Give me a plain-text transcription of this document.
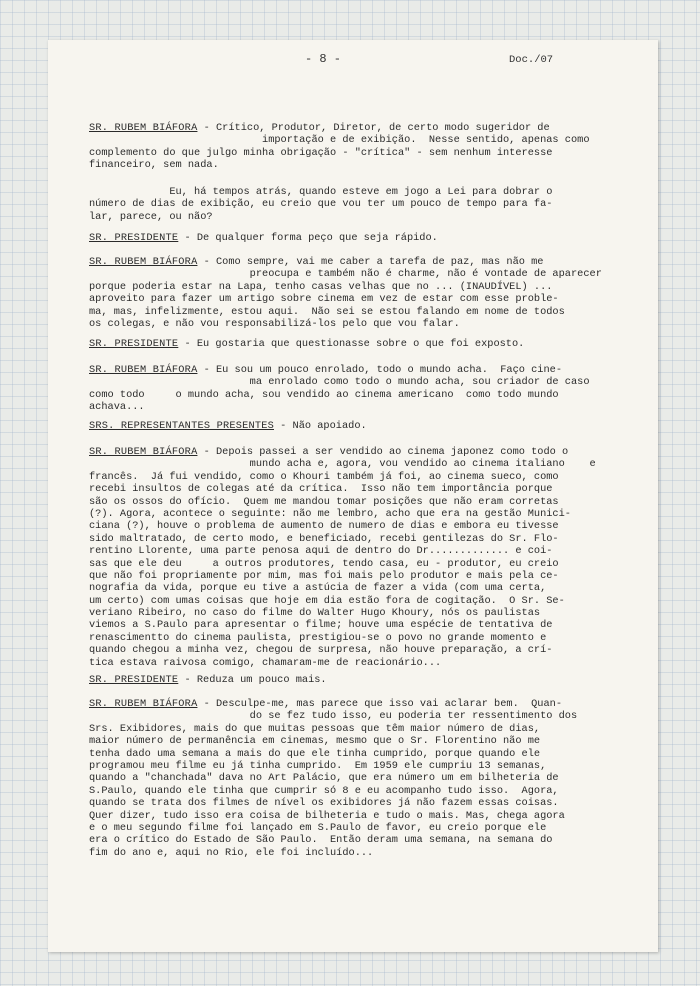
- 8 -	Doc./07
SR. RUBEM BIÁFORA - Crítico, Produtor, Diretor, de certo modo sugeridor de
importação e de exibição.  Nesse sentido, apenas como
complemento do que julgo minha obrigação - "crítica" - sem nenhum interesse
financeiro, sem nada.
Eu, há tempos atrás, quando esteve em jogo a Lei para dobrar o
número de dias de exibição, eu creio que vou ter um pouco de tempo para fa-
lar, parece, ou não?
SR. PRESIDENTE - De qualquer forma peço que seja rápido.
SR. RUBEM BIÁFORA - Como sempre, vai me caber a tarefa de paz, mas não me
preocupa e também não é charme, não é vontade de aparecer
porque poderia estar na Lapa, tenho casas velhas que no ... (INAUDÍVEL) ...
aproveito para fazer um artigo sobre cinema em vez de estar com esse proble-
ma, mas, infelizmente, estou aqui.  Não sei se estou falando em nome de todos
os colegas, e não vou responsabilizá-los pelo que vou falar.
SR. PRESIDENTE - Eu gostaria que questionasse sobre o que foi exposto.
SR. RUBEM BIÁFORA - Eu sou um pouco enrolado, todo o mundo acha.  Faço cine-
ma enrolado como todo o mundo acha, sou criador de caso
como todo     o mundo acha, sou vendido ao cinema americano  como todo mundo
achava...
SRS. REPRESENTANTES PRESENTES - Não apoiado.
SR. RUBEM BIÁFORA - Depois passei a ser vendido ao cinema japonez como todo o
mundo acha e, agora, vou vendido ao cinema italiano    e
francês.  Já fui vendido, como o Khouri também já foi, ao cinema sueco, como
recebi insultos de colegas até da crítica.  Isso não tem importância porque
são os ossos do ofício.  Quem me mandou tomar posições que não eram corretas
(?). Agora, acontece o seguinte: não me lembro, acho que era na gestão Munici-
ciana (?), houve o problema de aumento de numero de dias e embora eu tivesse
sido maltratado, de certo modo, e beneficiado, recebi gentilezas do Sr. Flo-
rentino Llorente, uma parte penosa aqui de dentro do Dr............. e coi-
sas que ele deu     a outros produtores, tendo casa, eu - produtor, eu creio
que não foi propriamente por mim, mas foi mais pelo produtor e mais pela ce-
nografia da vida, porque eu tive a astúcia de fazer a vida (com uma certa,
um certo) com umas coisas que hoje em dia estão fora de cogitação.  O Sr. Se-
veriano Ribeiro, no caso do filme do Walter Hugo Khoury, nós os paulistas
viemos a S.Paulo para apresentar o filme; houve uma espécie de tentativa de
renascimentto do cinema paulista, prestigiou-se o povo no grande momento e
quando chegou a minha vez, chegou de surpresa, não houve preparação, a crí-
tica estava raivosa comigo, chamaram-me de reacionário...
SR. PRESIDENTE - Reduza um pouco mais.
SR. RUBEM BIÁFORA - Desculpe-me, mas parece que isso vai aclarar bem.  Quan-
do se fez tudo isso, eu poderia ter ressentimento dos
Srs. Exibidores, mais do que muitas pessoas que têm maior número de dias,
maior número de permanência em cinemas, mesmo que o Sr. Florentino não me
tenha dado uma semana a mais do que ele tinha cumprido, porque quando ele
programou meu filme eu já tinha cumprido.  Em 1959 ele cumpriu 13 semanas,
quando a "chanchada" dava no Art Palácio, que era número um em bilheteria de
S.Paulo, quando ele tinha que cumprir só 8 e eu acompanho tudo isso.  Agora,
quando se trata dos filmes de nível os exibidores já não fazem essas coisas.
Quer dizer, tudo isso era coisa de bilheteria e tudo o mais. Mas, chega agora
e o meu segundo filme foi lançado em S.Paulo de favor, eu creio porque ele
era o crítico do Estado de São Paulo.  Então deram uma semana, na semana do
fim do ano e, aqui no Rio, ele foi incluído...
